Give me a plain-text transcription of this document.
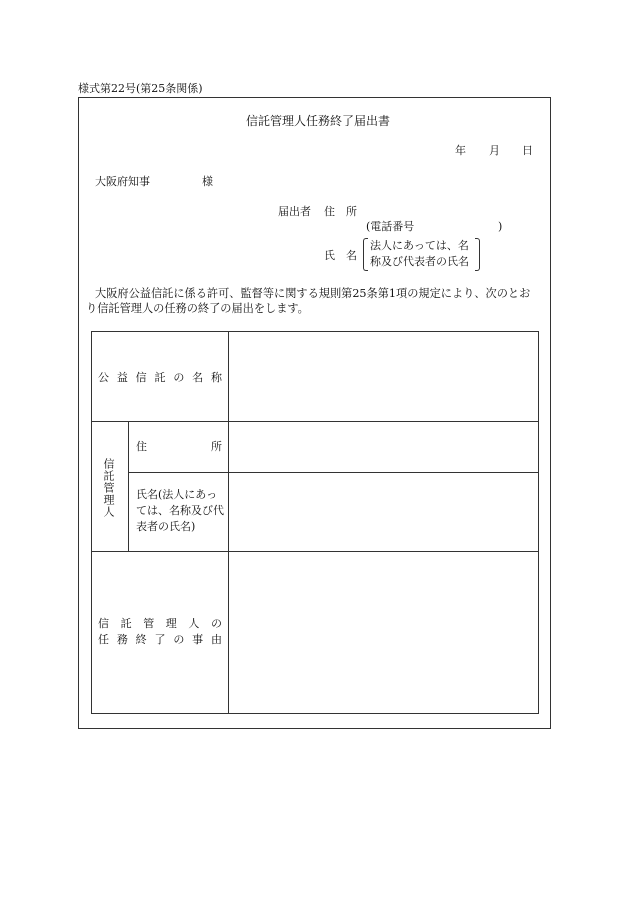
様式第22号(第25条関係)
信託管理人任務終了届出書
年 月 日
大阪府知事	様
届出者 住　所
(電話番号	)
氏　名
法人にあっては、名
称及び代表者の氏名
大阪府公益信託に係る許可、監督等に関する規則第25条第1項の規定により、次のとお
り信託管理人の任務の終了の届出をします。
公 益 信 託 の 名 称
信託管理人
住	所
氏名(法人にあっ
ては、名称及び代
表者の氏名)
信 託 管 理 人 の
任 務 終 了 の 事 由
